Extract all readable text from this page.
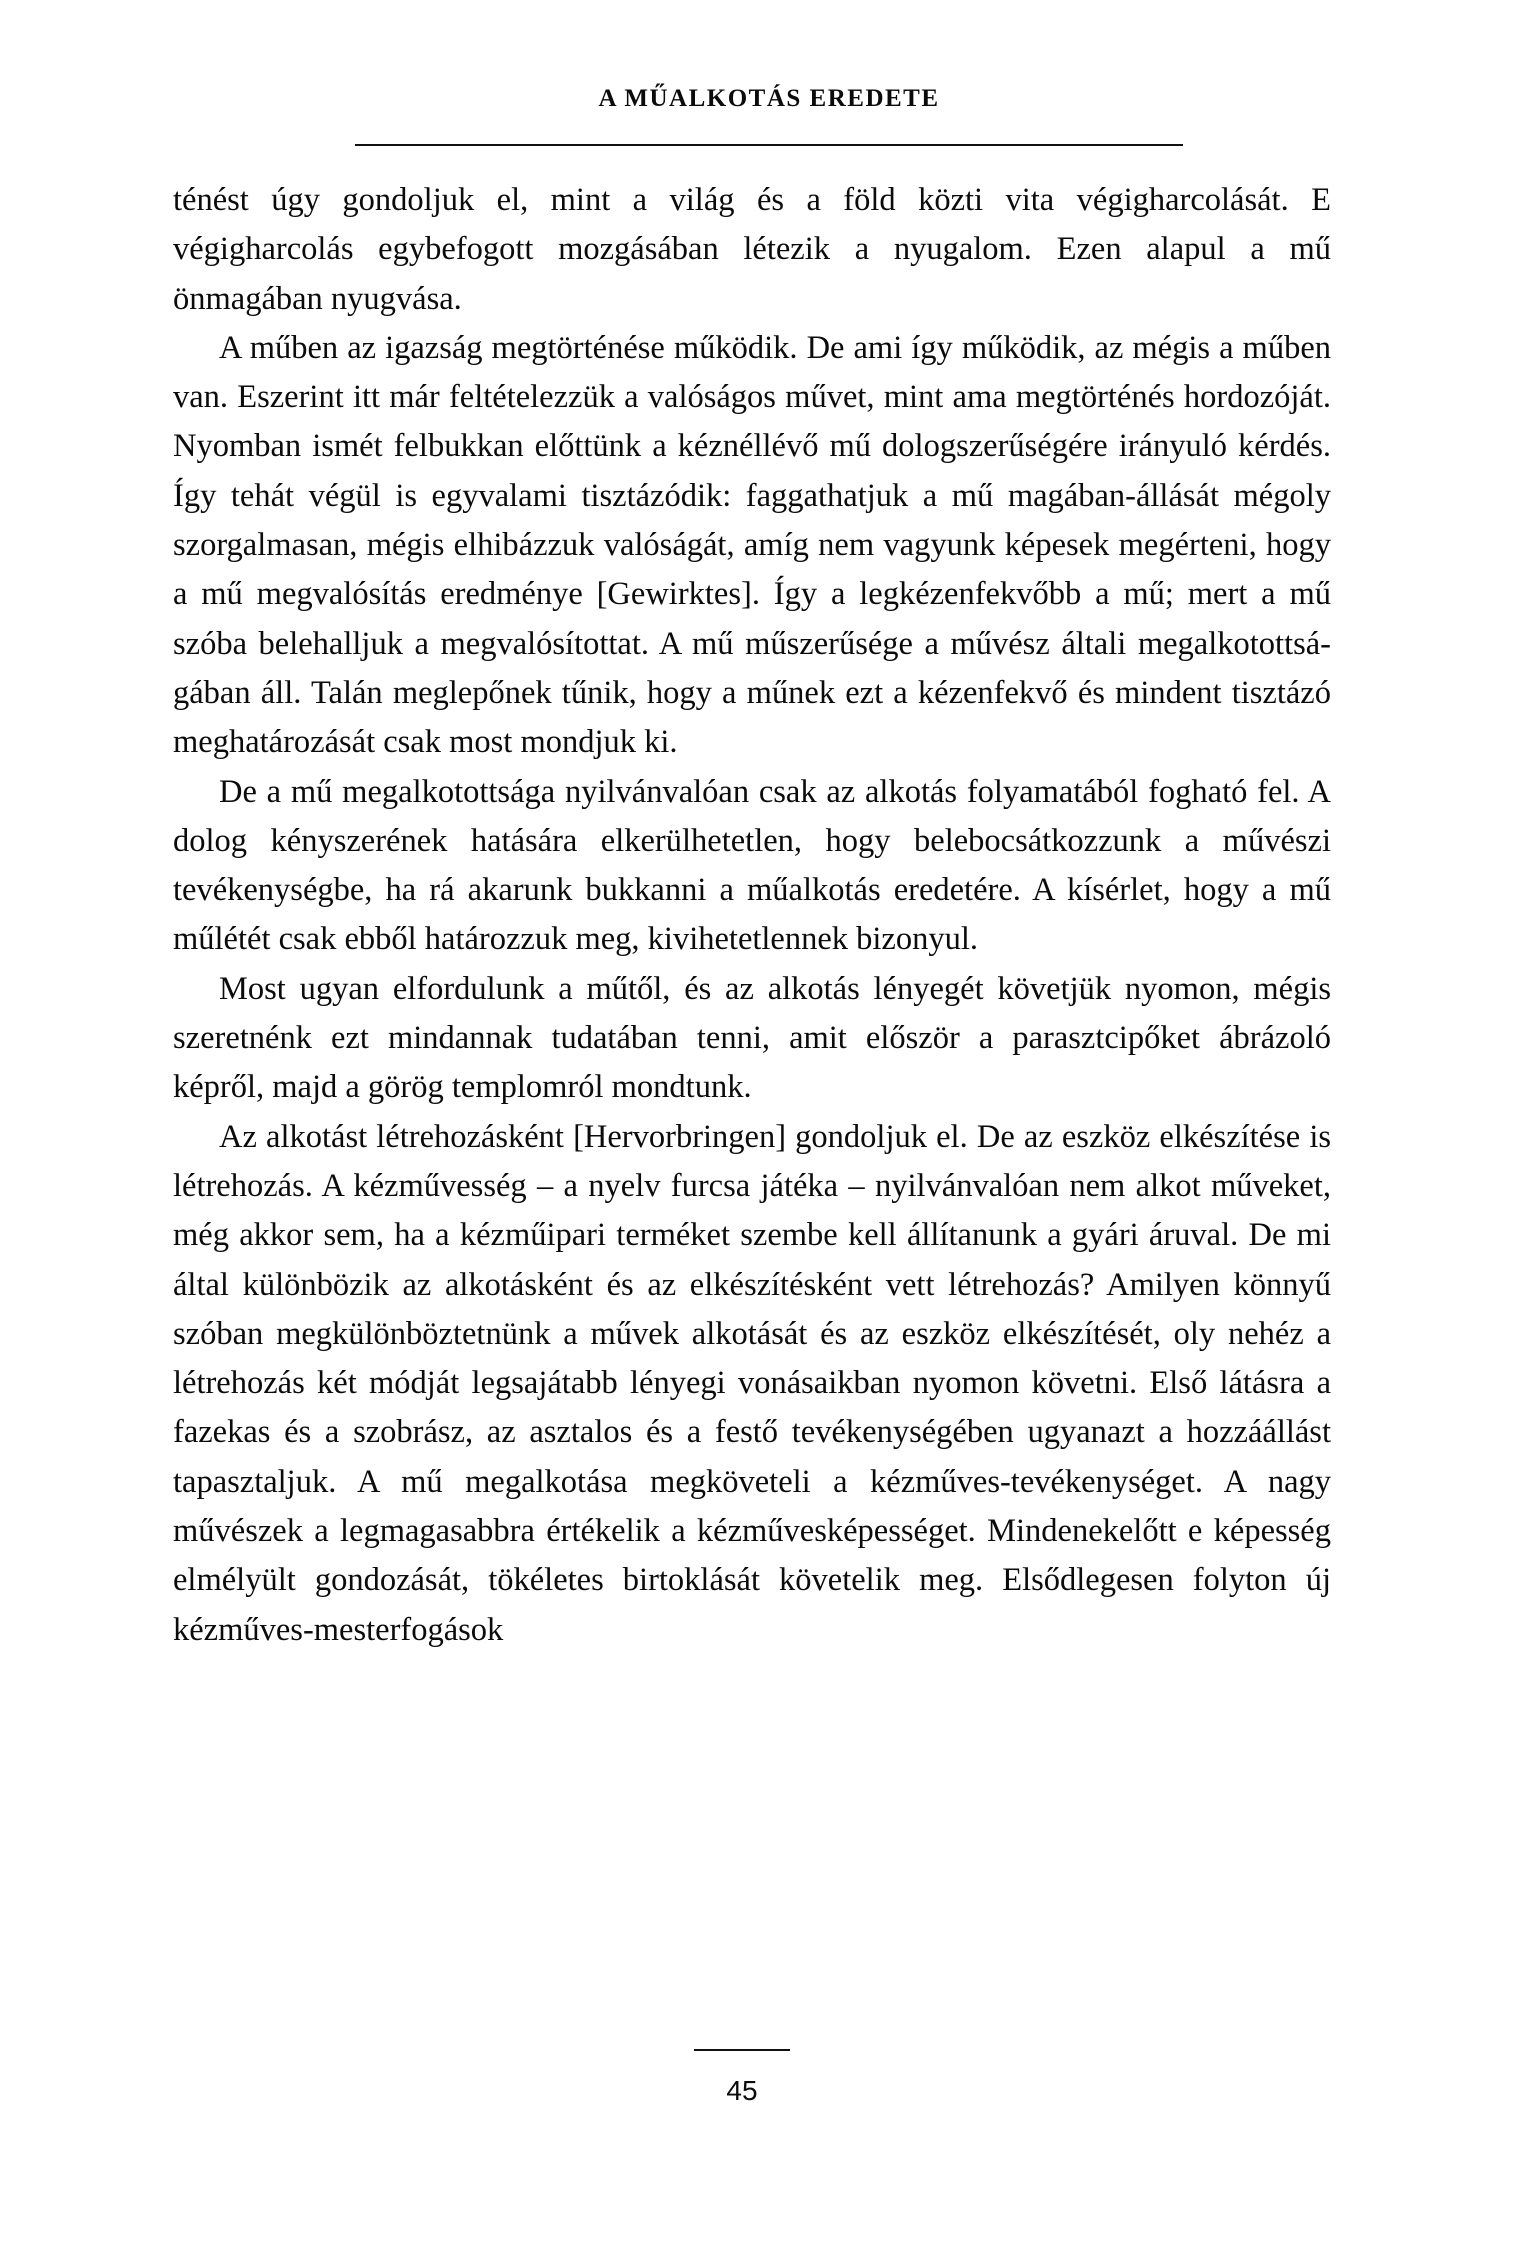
A MŰALKOTÁS EREDETE

ténést úgy gondoljuk el, mint a világ és a föld közti vita végigharcolását. E végigharcolás egybefogott mozgásában létezik a nyugalom. Ezen alapul a mű önmagában nyugvása.

A műben az igazság megtörténése működik. De ami így működik, az mégis a műben van. Eszerint itt már feltételezzük a valóságos művet, mint ama megtörténés hordozóját. Nyomban ismét felbukkan előttünk a kéznéllévő mű dologszerűségére irányuló kérdés. Így tehát végül is egyvalami tisztázódik: faggathatjuk a mű magában-állását mégoly szorgalmasan, mégis elhibázzuk valóságát, amíg nem vagyunk képesek megérteni, hogy a mű megvalósítás eredménye [Gewirktes]. Így a legkézenfekvőbb a mű; mert a mű szóba belehalljuk a megvalósítottat. A mű műszerűsége a művész általi megalkotottságában áll. Talán meglepőnek tűnik, hogy a műnek ezt a kézenfekvő és mindent tisztázó meghatározását csak most mondjuk ki.

De a mű megalkotottsága nyilvánvalóan csak az alkotás folyamatából fogható fel. A dolog kényszerének hatására elkerülhetetlen, hogy belebocsátkozzunk a művészi tevékenységbe, ha rá akarunk bukkanni a műalkotás eredetére. A kísérlet, hogy a mű műlétét csak ebből határozzuk meg, kivihetetlennek bizonyul.

Most ugyan elfordulunk a műtől, és az alkotás lényegét követjük nyomon, mégis szeretnénk ezt mindannak tudatában tenni, amit először a parasztcipőket ábrázoló képről, majd a görög templomról mondtunk.

Az alkotást létrehozásként [Hervorbringen] gondoljuk el. De az eszköz elkészítése is létrehozás. A kézművesség – a nyelv furcsa játéka – nyilvánvalóan nem alkot műveket, még akkor sem, ha a kézműipari terméket szembe kell állítanunk a gyári áruval. De mi által különbözik az alkotásként és az elkészítésként vett létrehozás? Amilyen könnyű szóban megkülönböztetnünk a művek alkotását és az eszköz elkészítését, oly nehéz a létrehozás két módját legsajátabb lényegi vonásaikban nyomon követni. Első látásra a fazekas és a szobrász, az asztalos és a festő tevékenységében ugyanazt a hozzáállást tapasztaljuk. A mű megalkotása megköveteli a kézműves-tevékenységet. A nagy művészek a legmagasabbra értékelik a kézművesképességet. Mindenekelőtt e képesség elmélyült gondozását, tökéletes birtoklását követelik meg. Elsődlegesen folyton új kézműves-mesterfogások

45
